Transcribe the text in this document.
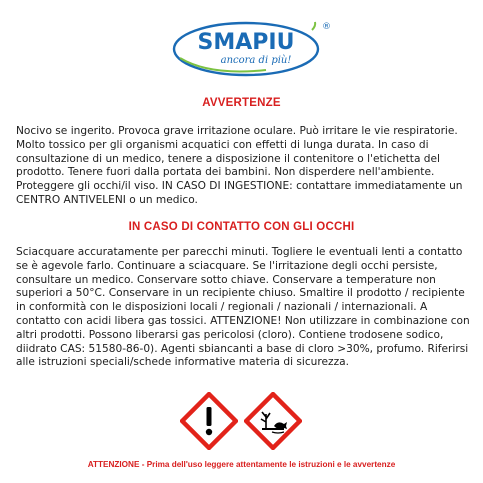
SMAPIU
ancora di più!
®
AVVERTENZE

Nocivo se ingerito. Provoca grave irritazione oculare. Può irritare le vie respiratorie. Molto tossico per gli organismi acquatici con effetti di lunga durata. In caso di consultazione di un medico, tenere a disposizione il contenitore o l'etichetta del prodotto. Tenere fuori dalla portata dei bambini. Non disperdere nell'ambiente. Proteggere gli occhi/il viso. IN CASO DI INGESTIONE: contattare immediatamente un CENTRO ANTIVELENI o un medico.

IN CASO DI CONTATTO CON GLI OCCHI

Sciacquare accuratamente per parecchi minuti. Togliere le eventuali lenti a contatto se è agevole farlo. Continuare a sciacquare. Se l'irritazione degli occhi persiste, consultare un medico. Conservare sotto chiave. Conservare a temperature non superiori a 50°C. Conservare in un recipiente chiuso. Smaltire il prodotto / recipiente in conformità con le disposizioni locali / regionali / nazionali / internazionali. A contatto con acidi libera gas tossici. ATTENZIONE! Non utilizzare in combinazione con altri prodotti. Possono liberarsi gas pericolosi (cloro). Contiene trodosene sodico, diidrato CAS: 51580-86-0). Agenti sbiancanti a base di cloro >30%, profumo. Riferirsi alle istruzioni speciali/schede informative materia di sicurezza.

ATTENZIONE - Prima dell'uso leggere attentamente le istruzioni e le avvertenze
